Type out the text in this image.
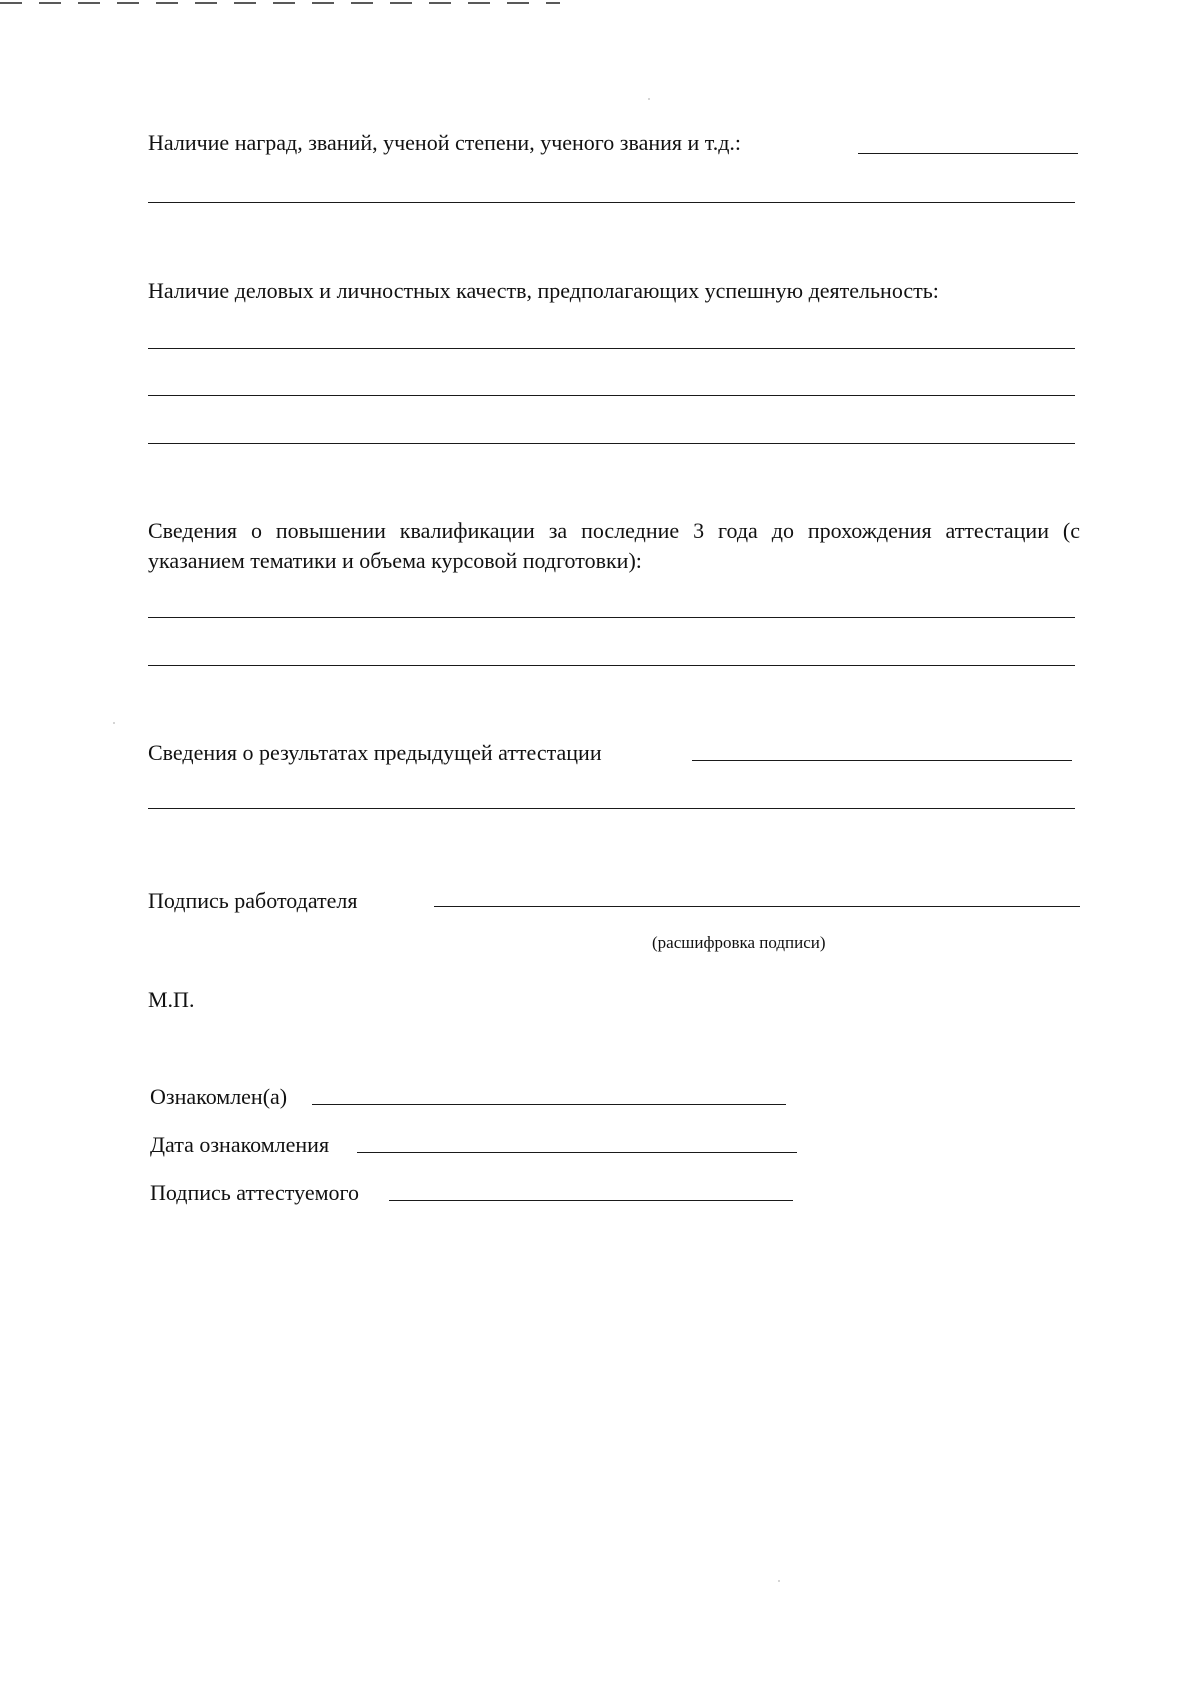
Наличие наград, званий, ученой степени, ученого звания и т.д.:
Наличие деловых и личностных качеств, предполагающих успешную деятельность:
Сведения о повышении квалификации за последние 3 года до прохождения аттестации (с указанием тематики и объема курсовой подготовки):
Сведения о результатах предыдущей аттестации
Подпись работодателя
(расшифровка подписи)
М.П.
Ознакомлен(а)
Дата ознакомления
Подпись аттестуемого
